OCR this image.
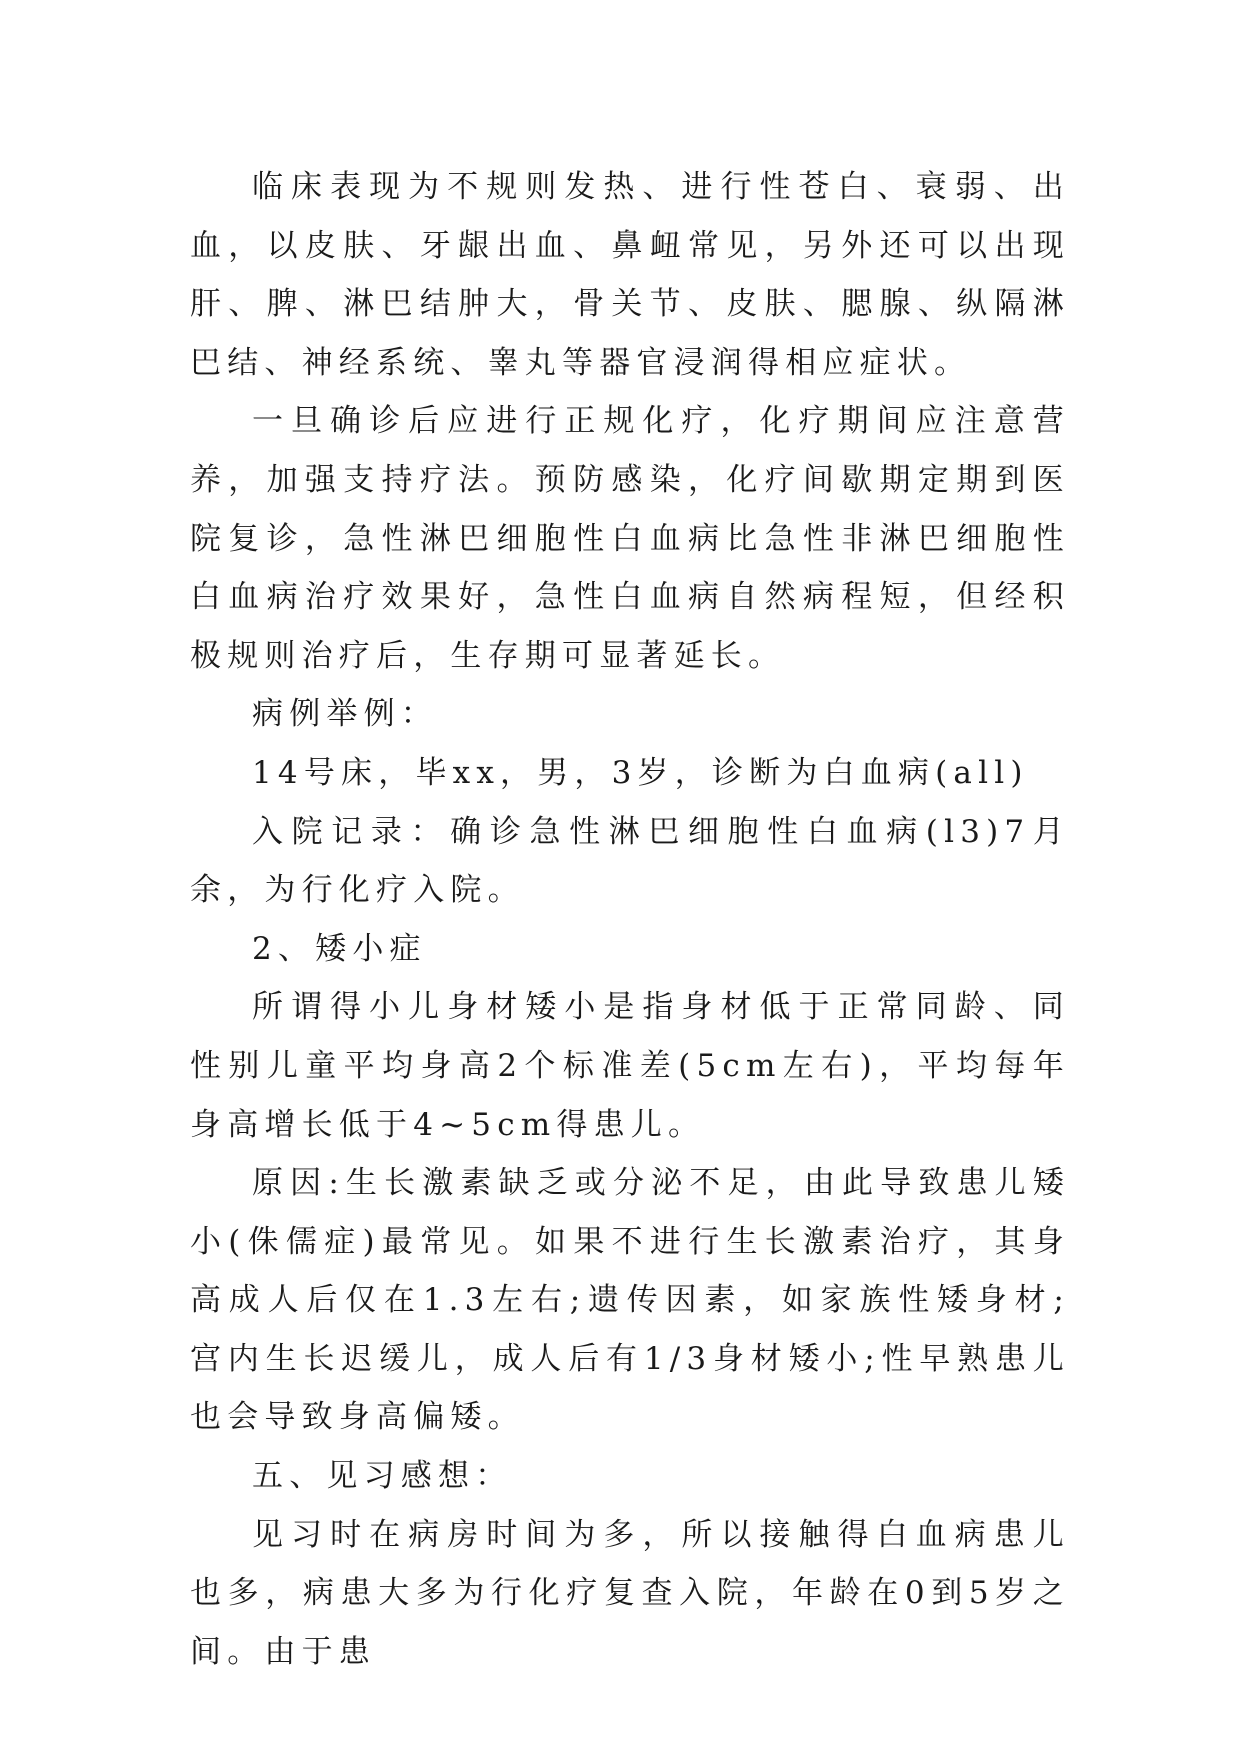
临床表现为不规则发热、进行性苍白、衰弱、出血，以皮肤、牙龈出血、鼻衄常见，另外还可以出现肝、脾、淋巴结肿大，骨关节、皮肤、腮腺、纵隔淋巴结、神经系统、睾丸等器官浸润得相应症状。

一旦确诊后应进行正规化疗，化疗期间应注意营养，加强支持疗法。预防感染，化疗间歇期定期到医院复诊，急性淋巴细胞性白血病比急性非淋巴细胞性白血病治疗效果好，急性白血病自然病程短，但经积极规则治疗后，生存期可显著延长。

病例举例：

14号床，毕xx，男，3岁，诊断为白血病(all)

入院记录：确诊急性淋巴细胞性白血病(l3)7月余，为行化疗入院。

2、矮小症

所谓得小儿身材矮小是指身材低于正常同龄、同性别儿童平均身高2个标准差(5cm左右)，平均每年身高增长低于4~5cm得患儿。

原因:生长激素缺乏或分泌不足，由此导致患儿矮小(侏儒症)最常见。如果不进行生长激素治疗，其身高成人后仅在1.3左右;遗传因素，如家族性矮身材;宫内生长迟缓儿，成人后有1/3身材矮小;性早熟患儿也会导致身高偏矮。

五、见习感想：

见习时在病房时间为多，所以接触得白血病患儿也多，病患大多为行化疗复查入院，年龄在0到5岁之间。由于患
